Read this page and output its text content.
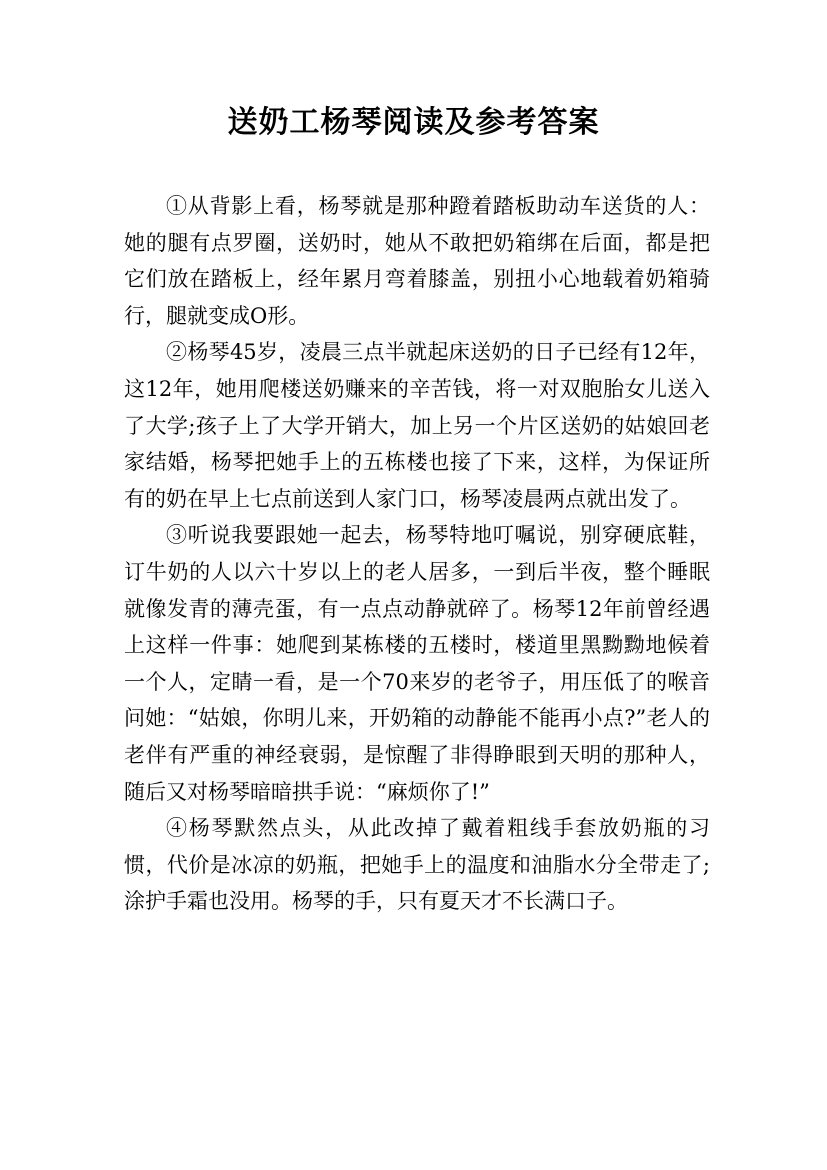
送奶工杨琴阅读及参考答案

①从背影上看，杨琴就是那种蹬着踏板助动车送货的人：她的腿有点罗圈，送奶时，她从不敢把奶箱绑在后面，都是把它们放在踏板上，经年累月弯着膝盖，别扭小心地载着奶箱骑行，腿就变成O形。

②杨琴45岁，凌晨三点半就起床送奶的日子已经有12年，这12年，她用爬楼送奶赚来的辛苦钱，将一对双胞胎女儿送入了大学;孩子上了大学开销大，加上另一个片区送奶的姑娘回老家结婚，杨琴把她手上的五栋楼也接了下来，这样，为保证所有的奶在早上七点前送到人家门口，杨琴凌晨两点就出发了。

③听说我要跟她一起去，杨琴特地叮嘱说，别穿硬底鞋，订牛奶的人以六十岁以上的老人居多，一到后半夜，整个睡眠就像发青的薄壳蛋，有一点点动静就碎了。杨琴12年前曾经遇上这样一件事：她爬到某栋楼的五楼时，楼道里黑黝黝地候着一个人，定睛一看，是一个70来岁的老爷子，用压低了的喉音问她：“姑娘，你明儿来，开奶箱的动静能不能再小点?”老人的老伴有严重的神经衰弱，是惊醒了非得睁眼到天明的那种人，随后又对杨琴暗暗拱手说：“麻烦你了!”

④杨琴默然点头，从此改掉了戴着粗线手套放奶瓶的习惯，代价是冰凉的奶瓶，把她手上的温度和油脂水分全带走了;涂护手霜也没用。杨琴的手，只有夏天才不长满口子。
